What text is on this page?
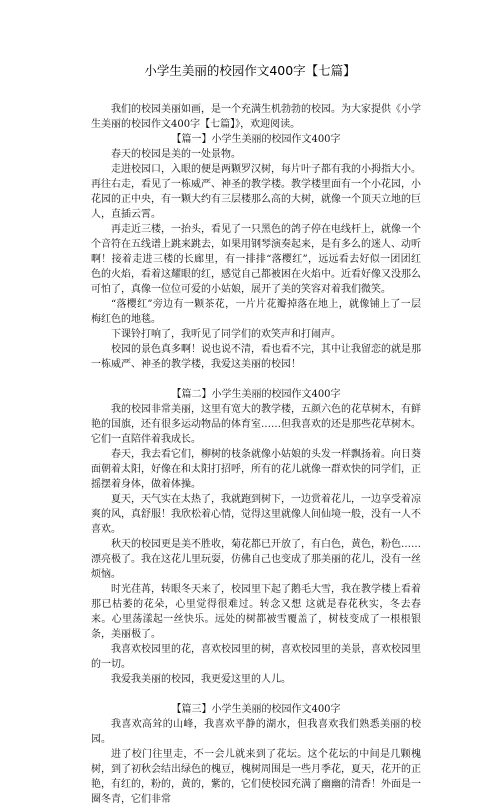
小学生美丽的校园作文400字【七篇】

我们的校园美丽如画，是一个充满生机勃勃的校园。为大家提供《小学生美丽的校园作文400字【七篇】》，欢迎阅读。

【篇一】小学生美丽的校园作文400字

春天的校园是美的一处景物。

走进校园口，入眼的便是两颗罗汉树，每片叶子都有我的小拇指大小。再往右走，看见了一栋威严、神圣的教学楼。教学楼里面有一个小花园，小花园的正中央，有一颗大约有三层楼那么高的大树，就像一个顶天立地的巨人，直插云霄。

再走近三楼，一抬头，看见了一只黑色的鸽子停在电线杆上，就像一个个音符在五线谱上跳来跳去，如果用钢琴演奏起来，是有多么的迷人、动听啊！接着走进三楼的长廊里，有一排排“落樱红”，远远看去好似一团团红色的火焰，看着这耀眼的红，感觉自己都被困在火焰中。近看好像又没那么可怕了，真像一位位可爱的小姑娘，展开了美的笑容对着我们微笑。

“落樱红”旁边有一颗茶花，一片片花瓣掉落在地上，就像铺上了一层梅红色的地毯。

下课铃打响了，我听见了同学们的欢笑声和打闹声。

校园的景色真多啊！说也说不清，看也看不完，其中让我留恋的就是那一栋威严、神圣的教学楼，我爱这美丽的校园！

【篇二】小学生美丽的校园作文400字

我的校园非常美丽，这里有宽大的教学楼，五颜六色的花草树木，有鲜艳的国旗，还有很多运动物品的体育室……但我喜欢的还是那些花草树木。它们一直陪伴着我成长。

春天，我去看它们，柳树的枝条就像小姑娘的头发一样飘扬着。向日葵面朝着太阳，好像在和太阳打招呼，所有的花儿就像一群欢快的同学们，正摇摆着身体，做着体操。

夏天，天气实在太热了，我就跑到树下，一边赏着花儿，一边享受着凉爽的风，真舒服！我欣松着心情，觉得这里就像人间仙境一般，没有一人不喜欢。

秋天的校园更是美不胜收，菊花都已开放了，有白色，黄色，粉色……漂亮极了。我在这花儿里玩耍，仿佛自己也变成了那美丽的花儿，没有一丝烦恼。

时光荏苒，转眼冬天来了，校园里下起了鹅毛大雪，我在教学楼上看着那已枯萎的花朵，心里觉得很难过。转念又想 这就是春花秋实，冬去春来。心里荡漾起一丝快乐。远处的树都被雪覆盖了，树枝变成了一根根银条，美丽极了。

我喜欢校园里的花，喜欢校园里的树，喜欢校园里的美景，喜欢校园里的一切。

我爱我美丽的校园，我更爱这里的人儿。

【篇三】小学生美丽的校园作文400字

我喜欢高耸的山峰，我喜欢平静的湖水，但我喜欢我们熟悉美丽的校园。

进了校门往里走，不一会儿就来到了花坛。这个花坛的中间是几颗槐树，到了初秋会结出绿色的槐豆，槐树周围是一些月季花，夏天，花开的正艳，有红的，粉的，黄的，紫的，它们使校园充满了幽幽的清香！外面是一圈冬青，它们非常
